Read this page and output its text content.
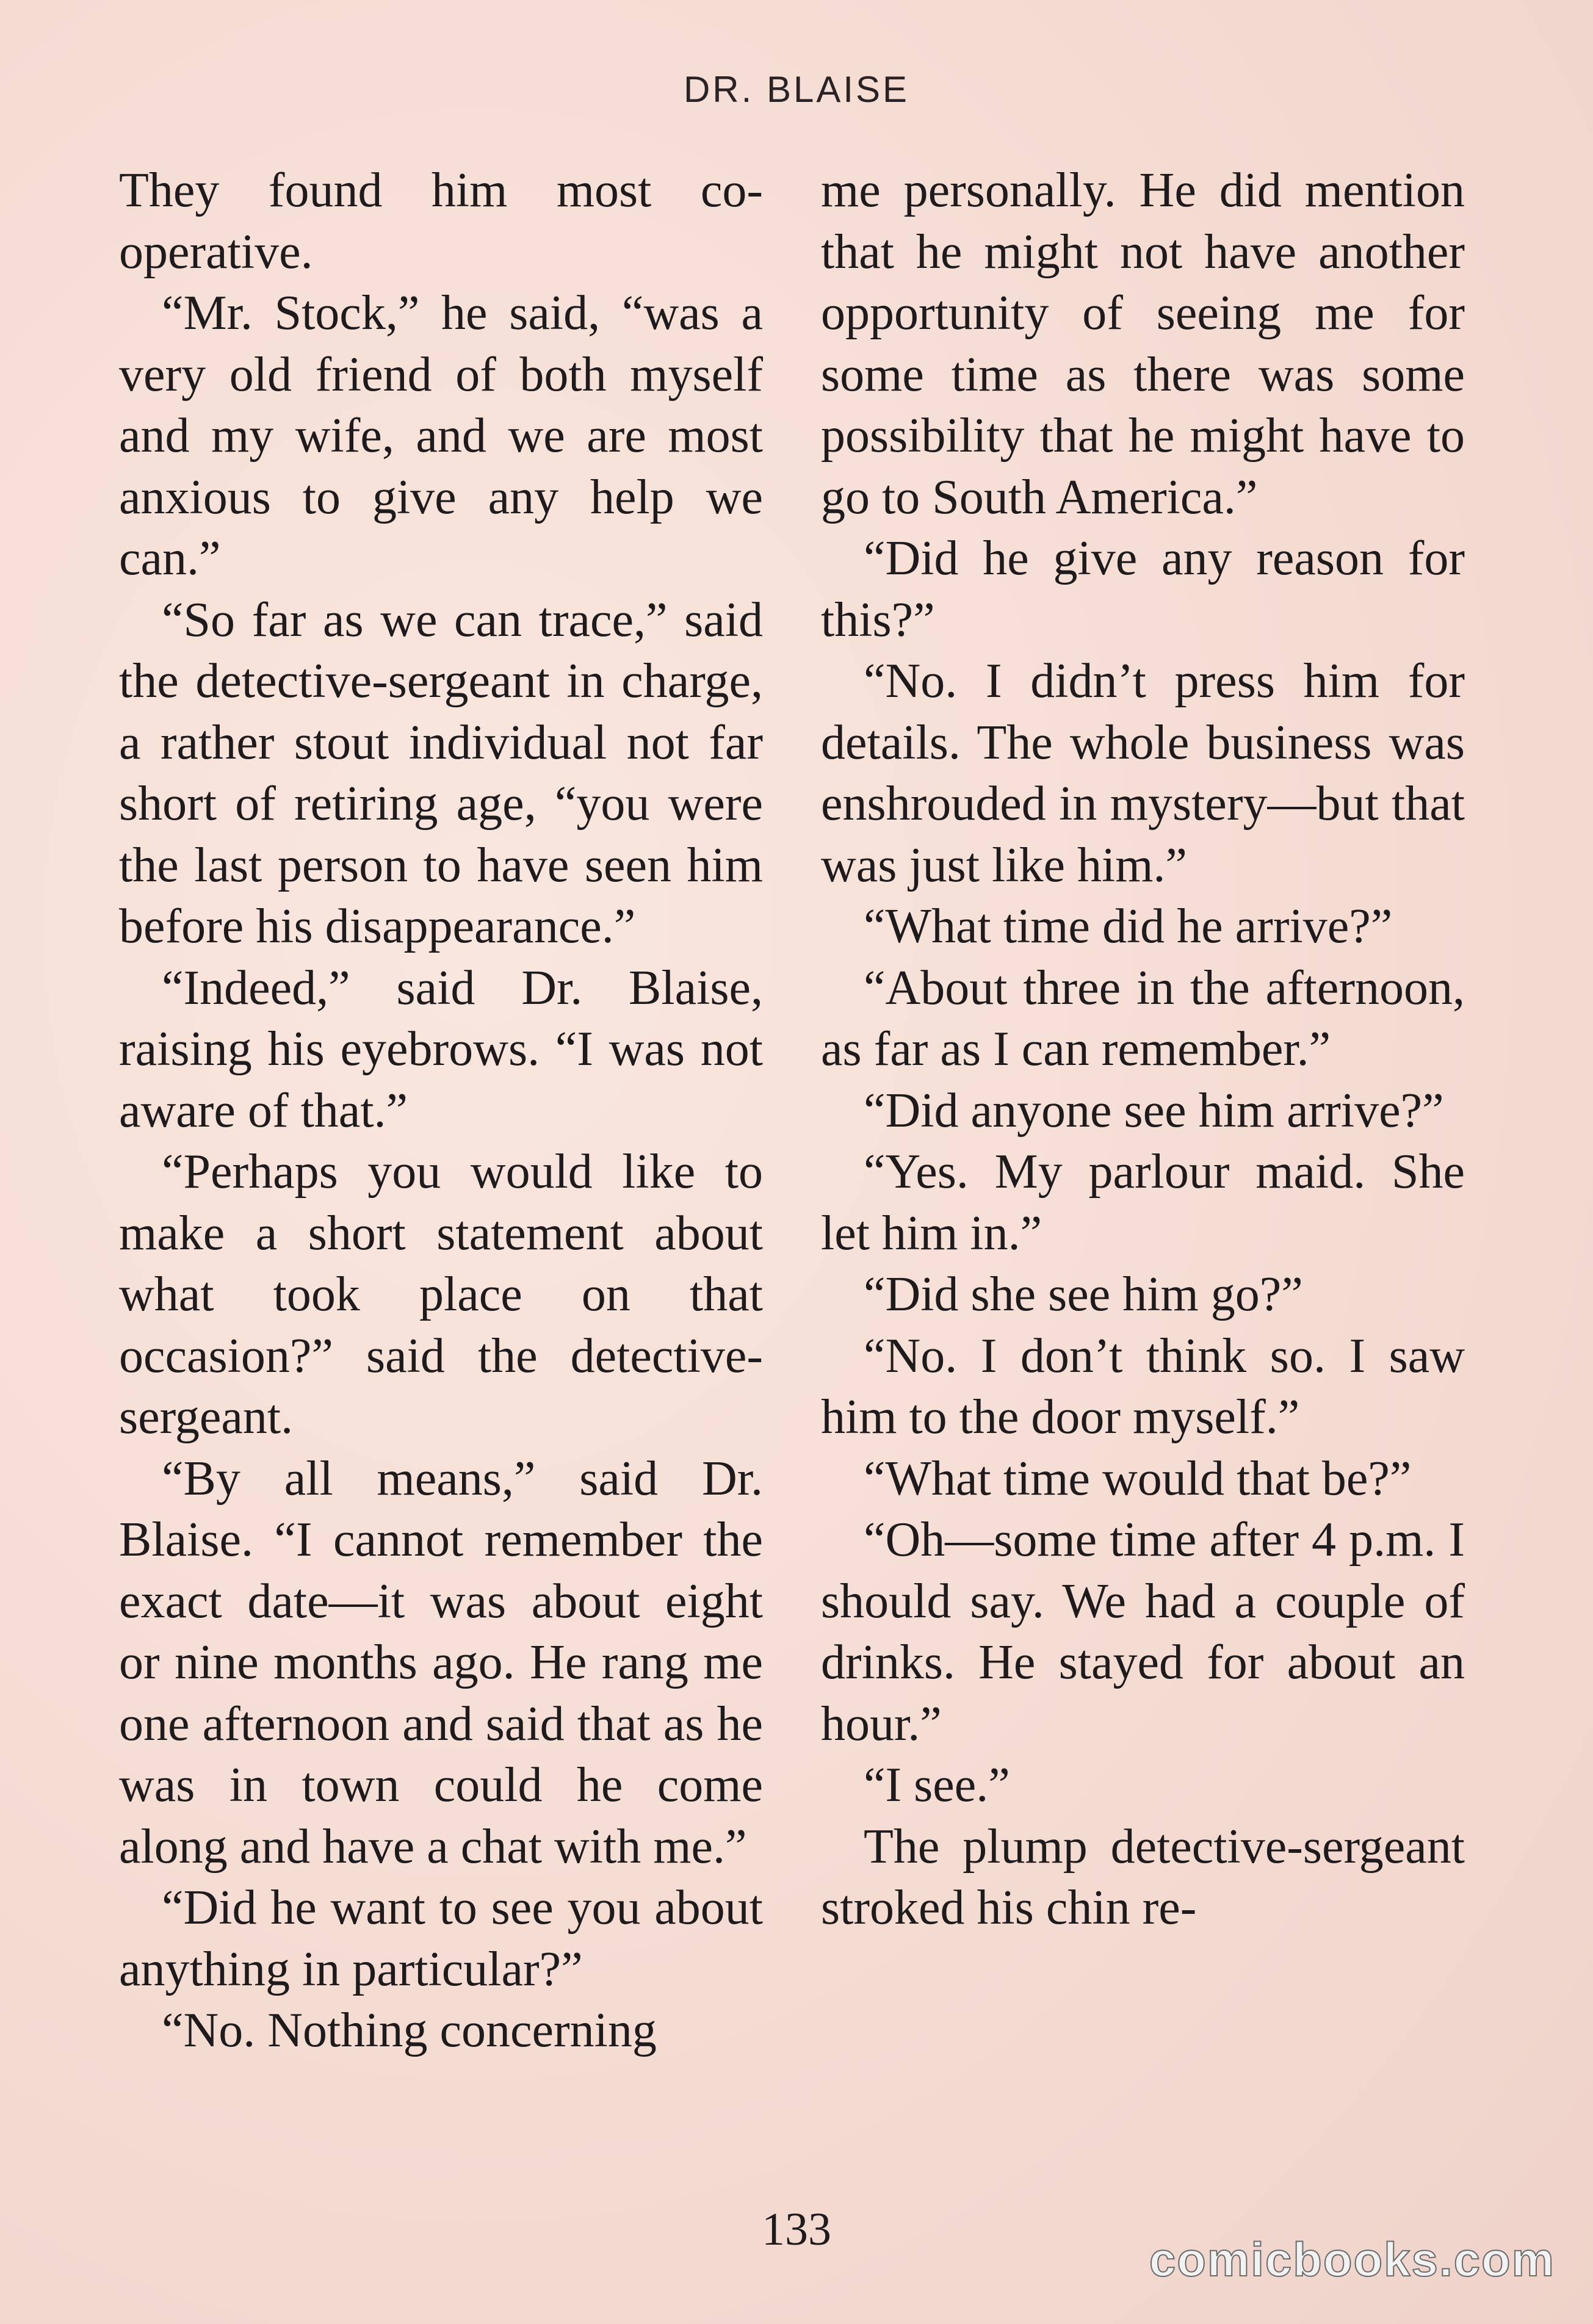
DR. BLAISE

They found him most co-operative.

“Mr. Stock,” he said, “was a very old friend of both myself and my wife, and we are most anxious to give any help we can.”

“So far as we can trace,” said the detective-sergeant in charge, a rather stout individual not far short of retiring age, “you were the last person to have seen him before his disappearance.”

“Indeed,” said Dr. Blaise, raising his eyebrows. “I was not aware of that.”

“Perhaps you would like to make a short statement about what took place on that occasion?” said the detective-sergeant.

“By all means,” said Dr. Blaise. “I cannot remember the exact date—it was about eight or nine months ago. He rang me one afternoon and said that as he was in town could he come along and have a chat with me.”

“Did he want to see you about anything in particular?”

“No. Nothing concerning

me personally. He did mention that he might not have another opportunity of seeing me for some time as there was some possibility that he might have to go to South America.”

“Did he give any reason for this?”

“No. I didn’t press him for details. The whole business was enshrouded in mystery—but that was just like him.”

“What time did he arrive?”

“About three in the afternoon, as far as I can remember.”

“Did anyone see him arrive?”

“Yes. My parlour maid. She let him in.”

“Did she see him go?”

“No. I don’t think so. I saw him to the door myself.”

“What time would that be?”

“Oh—some time after 4 p.m. I should say. We had a couple of drinks. He stayed for about an hour.”

“I see.”

The plump detective-sergeant stroked his chin re-

133
comicbooks.com
